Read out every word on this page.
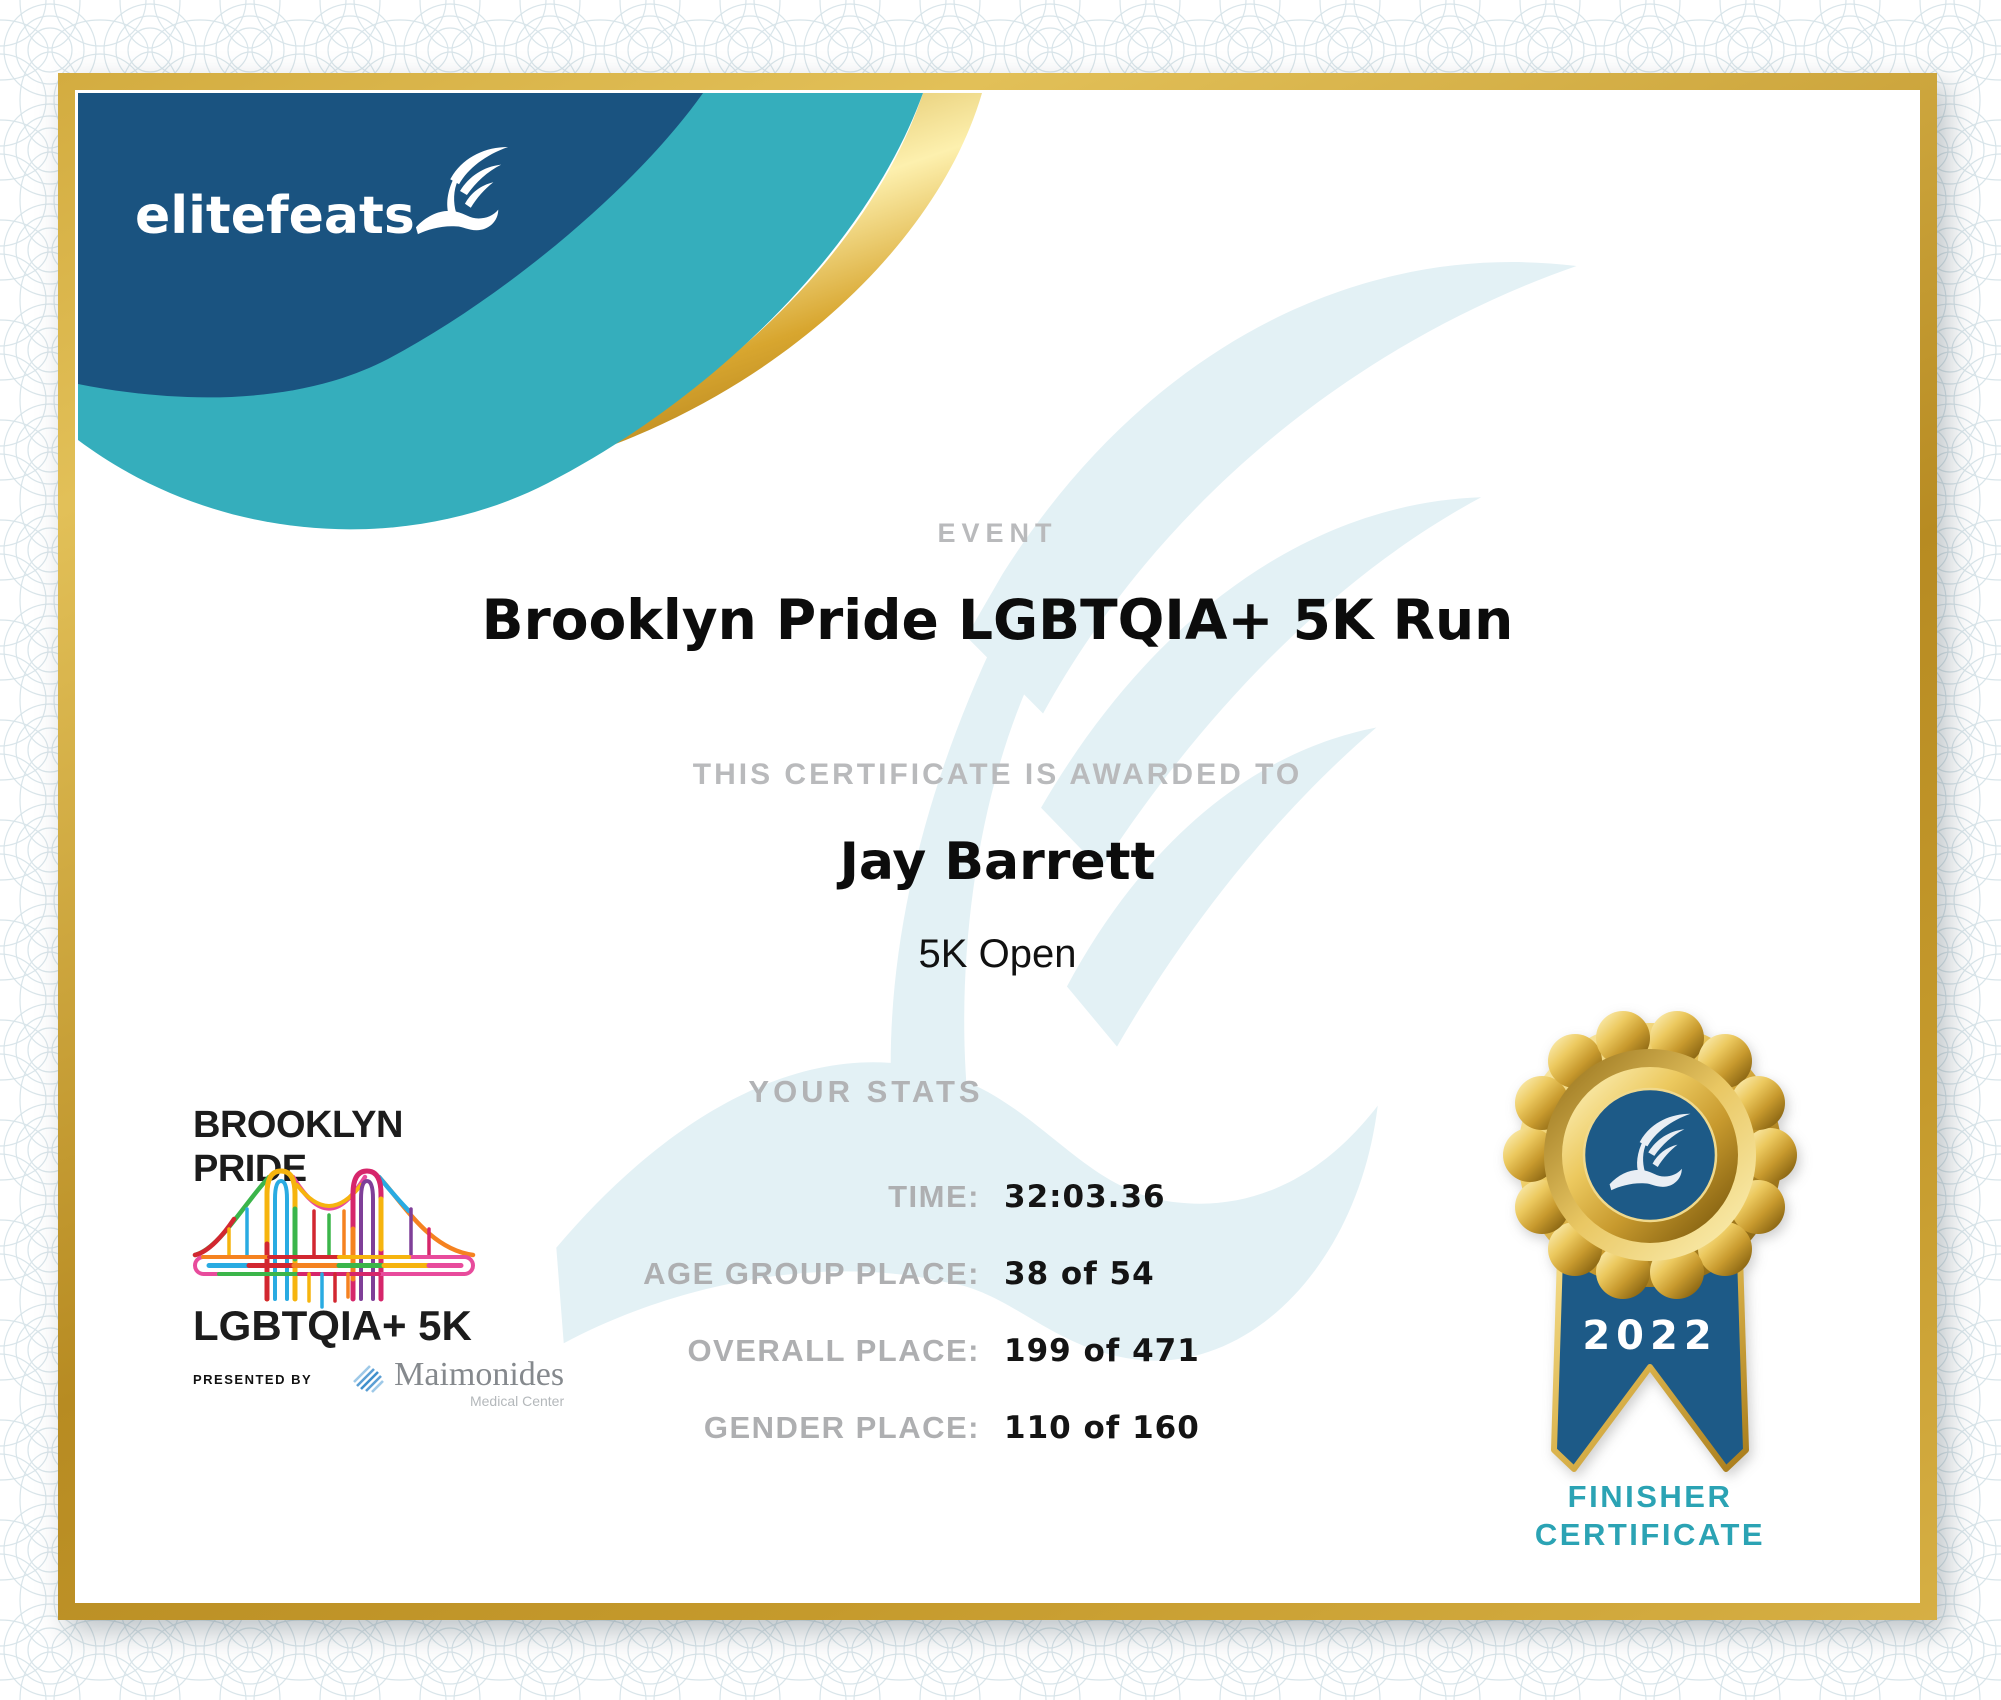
elitefeats
EVENT
Brooklyn Pride LGBTQIA+ 5K Run
THIS CERTIFICATE IS AWARDED TO
Jay Barrett
5K Open
YOUR STATS
TIME: 32:03.36
AGE GROUP PLACE: 38 of 54
OVERALL PLACE: 199 of 471
GENDER PLACE: 110 of 160
BROOKLYN
PRIDE
LGBTQIA+ 5K
PRESENTED BY Maimonides
Medical Center
2022
FINISHER
CERTIFICATE
